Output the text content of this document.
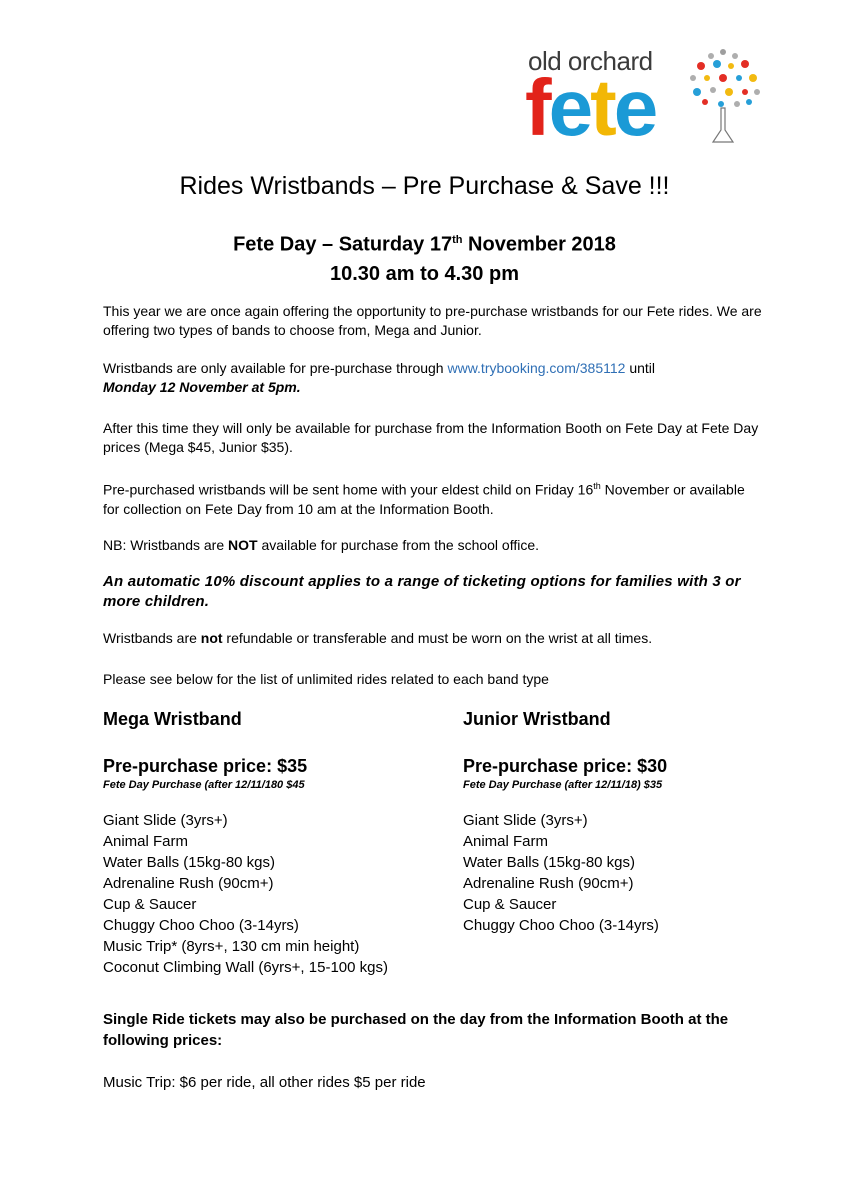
old orchard
fete
Rides Wristbands – Pre Purchase & Save !!!
Fete Day – Saturday 17th November 2018
10.30 am to 4.30 pm
This year we are once again offering the opportunity to pre-purchase wristbands for our Fete rides. We are offering two types of bands to choose from, Mega and Junior.
Wristbands are only available for pre-purchase through www.trybooking.com/385112 until
Monday 12 November at 5pm.
After this time they will only be available for purchase from the Information Booth on Fete Day at Fete Day prices (Mega $45, Junior $35).
Pre-purchased wristbands will be sent home with your eldest child on Friday 16th November or available for collection on Fete Day from 10 am at the Information Booth.
NB: Wristbands are NOT available for purchase from the school office.
An automatic 10% discount applies to a range of ticketing options for families with 3 or more children.
Wristbands are not refundable or transferable and must be worn on the wrist at all times.
Please see below for the list of unlimited rides related to each band type
Mega Wristband
Pre-purchase price: $35
Fete Day Purchase (after 12/11/180 $45
Giant Slide (3yrs+)
Animal Farm
Water Balls (15kg-80 kgs)
Adrenaline Rush (90cm+)
Cup & Saucer
Chuggy Choo Choo (3-14yrs)
Music Trip* (8yrs+, 130 cm min height)
Coconut Climbing Wall (6yrs+, 15-100 kgs)
Junior Wristband
Pre-purchase price: $30
Fete Day Purchase (after 12/11/18) $35
Giant Slide (3yrs+)
Animal Farm
Water Balls (15kg-80 kgs)
Adrenaline Rush (90cm+)
Cup & Saucer
Chuggy Choo Choo (3-14yrs)
Single Ride tickets may also be purchased on the day from the Information Booth at the following prices:
Music Trip: $6 per ride, all other rides $5 per ride
